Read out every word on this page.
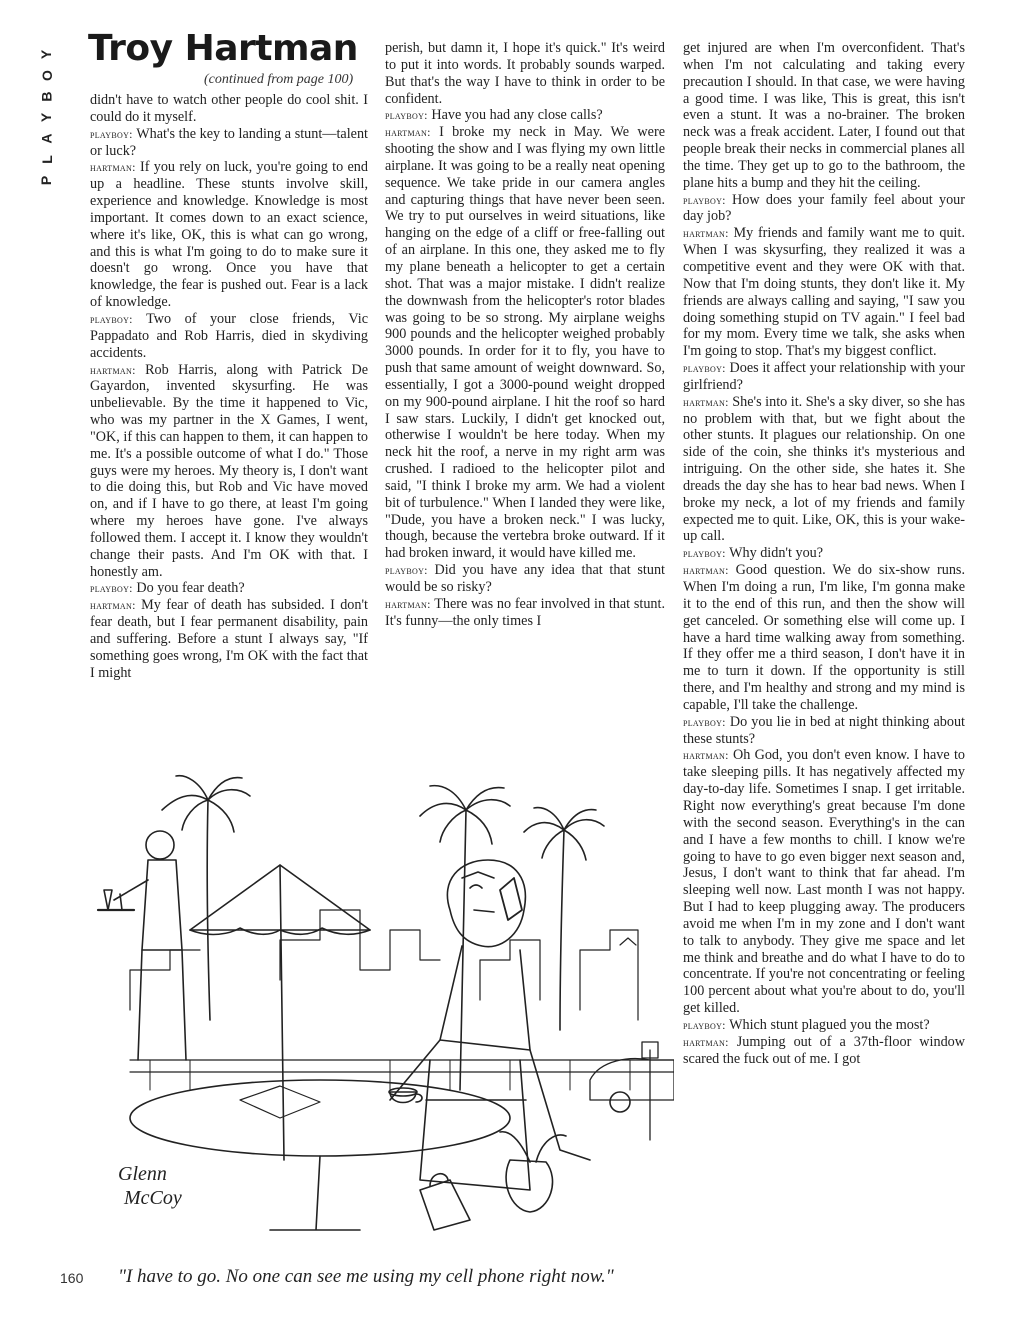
Y
O
B
Y
A
L
P
Troy Hartman
(continued from page 100)

didn't have to watch other people do cool shit. I could do it myself.

playboy: What's the key to landing a stunt—talent or luck?

hartman: If you rely on luck, you're going to end up a headline. These stunts involve skill, experience and knowledge. Knowledge is most important. It comes down to an exact science, where it's like, OK, this is what can go wrong, and this is what I'm going to do to make sure it doesn't go wrong. Once you have that knowledge, the fear is pushed out. Fear is a lack of knowledge.

playboy: Two of your close friends, Vic Pappadato and Rob Harris, died in skydiving accidents.

hartman: Rob Harris, along with Patrick De Gayardon, invented skysurfing. He was unbelievable. By the time it happened to Vic, who was my partner in the X Games, I went, "OK, if this can happen to them, it can happen to me. It's a possible outcome of what I do." Those guys were my heroes. My theory is, I don't want to die doing this, but Rob and Vic have moved on, and if I have to go there, at least I'm going where my heroes have gone. I've always followed them. I accept it. I know they wouldn't change their pasts. And I'm OK with that. I honestly am.

playboy: Do you fear death?

hartman: My fear of death has subsided. I don't fear death, but I fear permanent disability, pain and suffering. Before a stunt I always say, "If something goes wrong, I'm OK with the fact that I might

perish, but damn it, I hope it's quick." It's weird to put it into words. It probably sounds warped. But that's the way I have to think in order to be confident.

playboy: Have you had any close calls?

hartman: I broke my neck in May. We were shooting the show and I was flying my own little airplane. It was going to be a really neat opening sequence. We take pride in our camera angles and capturing things that have never been seen. We try to put ourselves in weird situations, like hanging on the edge of a cliff or free-falling out of an airplane. In this one, they asked me to fly my plane beneath a helicopter to get a certain shot. That was a major mistake. I didn't realize the downwash from the helicopter's rotor blades was going to be so strong. My airplane weighs 900 pounds and the helicopter weighed probably 3000 pounds. In order for it to fly, you have to push that same amount of weight downward. So, essentially, I got a 3000-pound weight dropped on my 900-pound airplane. I hit the roof so hard I saw stars. Luckily, I didn't get knocked out, otherwise I wouldn't be here today. When my neck hit the roof, a nerve in my right arm was crushed. I radioed to the helicopter pilot and said, "I think I broke my arm. We had a violent bit of turbulence." When I landed they were like, "Dude, you have a broken neck." I was lucky, though, because the vertebra broke outward. If it had broken inward, it would have killed me.

playboy: Did you have any idea that that stunt would be so risky?

hartman: There was no fear involved in that stunt. It's funny—the only times I

get injured are when I'm overconfident. That's when I'm not calculating and taking every precaution I should. In that case, we were having a good time. I was like, This is great, this isn't even a stunt. It was a no-brainer. The broken neck was a freak accident. Later, I found out that people break their necks in commercial planes all the time. They get up to go to the bathroom, the plane hits a bump and they hit the ceiling.

playboy: How does your family feel about your day job?

hartman: My friends and family want me to quit. When I was skysurfing, they realized it was a competitive event and they were OK with that. Now that I'm doing stunts, they don't like it. My friends are always calling and saying, "I saw you doing something stupid on TV again." I feel bad for my mom. Every time we talk, she asks when I'm going to stop. That's my biggest conflict.

playboy: Does it affect your relationship with your girlfriend?

hartman: She's into it. She's a sky diver, so she has no problem with that, but we fight about the other stunts. It plagues our relationship. On one side of the coin, she thinks it's mysterious and intriguing. On the other side, she hates it. She dreads the day she has to hear bad news. When I broke my neck, a lot of my friends and family expected me to quit. Like, OK, this is your wake-up call.

playboy: Why didn't you?

hartman: Good question. We do six-show runs. When I'm doing a run, I'm like, I'm gonna make it to the end of this run, and then the show will get canceled. Or something else will come up. I have a hard time walking away from something. If they offer me a third season, I don't have it in me to turn it down. If the opportunity is still there, and I'm healthy and strong and my mind is capable, I'll take the challenge.

playboy: Do you lie in bed at night thinking about these stunts?

hartman: Oh God, you don't even know. I have to take sleeping pills. It has negatively affected my day-to-day life. Sometimes I snap. I get irritable. Right now everything's great because I'm done with the second season. Everything's in the can and I have a few months to chill. I know we're going to have to go even bigger next season and, Jesus, I don't want to think that far ahead. I'm sleeping well now. Last month I was not happy. But I had to keep plugging away. The producers avoid me when I'm in my zone and I don't want to talk to anybody. They give me space and let me think and breathe and do what I have to do to concentrate. If you're not concentrating or feeling 100 percent about what you're about to do, you'll get killed.

playboy: Which stunt plagued you the most?

hartman: Jumping out of a 37th-floor window scared the fuck out of me. I got

Glenn
McCoy
160 "I have to go. No one can see me using my cell phone right now."
